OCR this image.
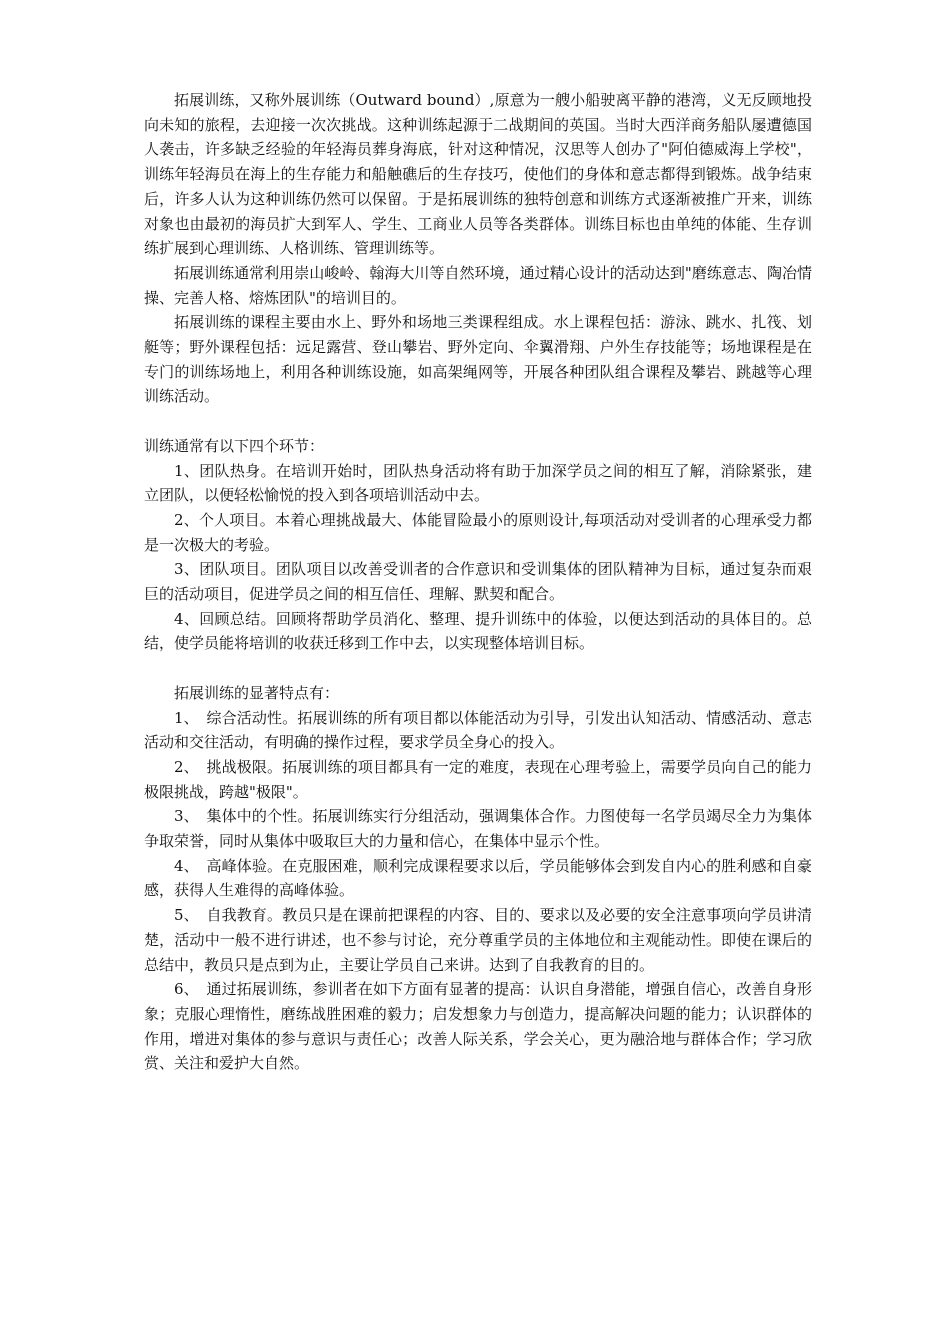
拓展训练，又称外展训练（Outward bound）,原意为一艘小船驶离平静的港湾，义无反顾地投向未知的旅程，去迎接一次次挑战。这种训练起源于二战期间的英国。当时大西洋商务船队屡遭德国人袭击，许多缺乏经验的年轻海员葬身海底，针对这种情况，汉思等人创办了"阿伯德威海上学校"，训练年轻海员在海上的生存能力和船触礁后的生存技巧，使他们的身体和意志都得到锻炼。战争结束后，许多人认为这种训练仍然可以保留。于是拓展训练的独特创意和训练方式逐渐被推广开来，训练对象也由最初的海员扩大到军人、学生、工商业人员等各类群体。训练目标也由单纯的体能、生存训练扩展到心理训练、人格训练、管理训练等。

拓展训练通常利用崇山峻岭、翰海大川等自然环境，通过精心设计的活动达到"磨练意志、陶冶情操、完善人格、熔炼团队"的培训目的。

拓展训练的课程主要由水上、野外和场地三类课程组成。水上课程包括：游泳、跳水、扎筏、划艇等；野外课程包括：远足露营、登山攀岩、野外定向、伞翼滑翔、户外生存技能等；场地课程是在专门的训练场地上，利用各种训练设施，如高架绳网等，开展各种团队组合课程及攀岩、跳越等心理训练活动。

训练通常有以下四个环节：

1、团队热身。在培训开始时，团队热身活动将有助于加深学员之间的相互了解，消除紧张，建立团队，以便轻松愉悦的投入到各项培训活动中去。

2、个人项目。本着心理挑战最大、体能冒险最小的原则设计,每项活动对受训者的心理承受力都是一次极大的考验。

3、团队项目。团队项目以改善受训者的合作意识和受训集体的团队精神为目标，通过复杂而艰巨的活动项目，促进学员之间的相互信任、理解、默契和配合。

4、回顾总结。回顾将帮助学员消化、整理、提升训练中的体验，以便达到活动的具体目的。总结，使学员能将培训的收获迁移到工作中去，以实现整体培训目标。

拓展训练的显著特点有：

1、　综合活动性。拓展训练的所有项目都以体能活动为引导，引发出认知活动、情感活动、意志活动和交往活动，有明确的操作过程，要求学员全身心的投入。

2、　挑战极限。拓展训练的项目都具有一定的难度，表现在心理考验上，需要学员向自己的能力极限挑战，跨越"极限"。

3、　集体中的个性。拓展训练实行分组活动，强调集体合作。力图使每一名学员竭尽全力为集体争取荣誉，同时从集体中吸取巨大的力量和信心，在集体中显示个性。

4、　高峰体验。在克服困难，顺利完成课程要求以后，学员能够体会到发自内心的胜利感和自豪感，获得人生难得的高峰体验。

5、　自我教育。教员只是在课前把课程的内容、目的、要求以及必要的安全注意事项向学员讲清楚，活动中一般不进行讲述，也不参与讨论，充分尊重学员的主体地位和主观能动性。即使在课后的总结中，教员只是点到为止，主要让学员自己来讲。达到了自我教育的目的。

6、　通过拓展训练，参训者在如下方面有显著的提高：认识自身潜能，增强自信心，改善自身形象；克服心理惰性，磨练战胜困难的毅力；启发想象力与创造力，提高解决问题的能力；认识群体的作用，增进对集体的参与意识与责任心；改善人际关系，学会关心，更为融洽地与群体合作；学习欣赏、关注和爱护大自然。
